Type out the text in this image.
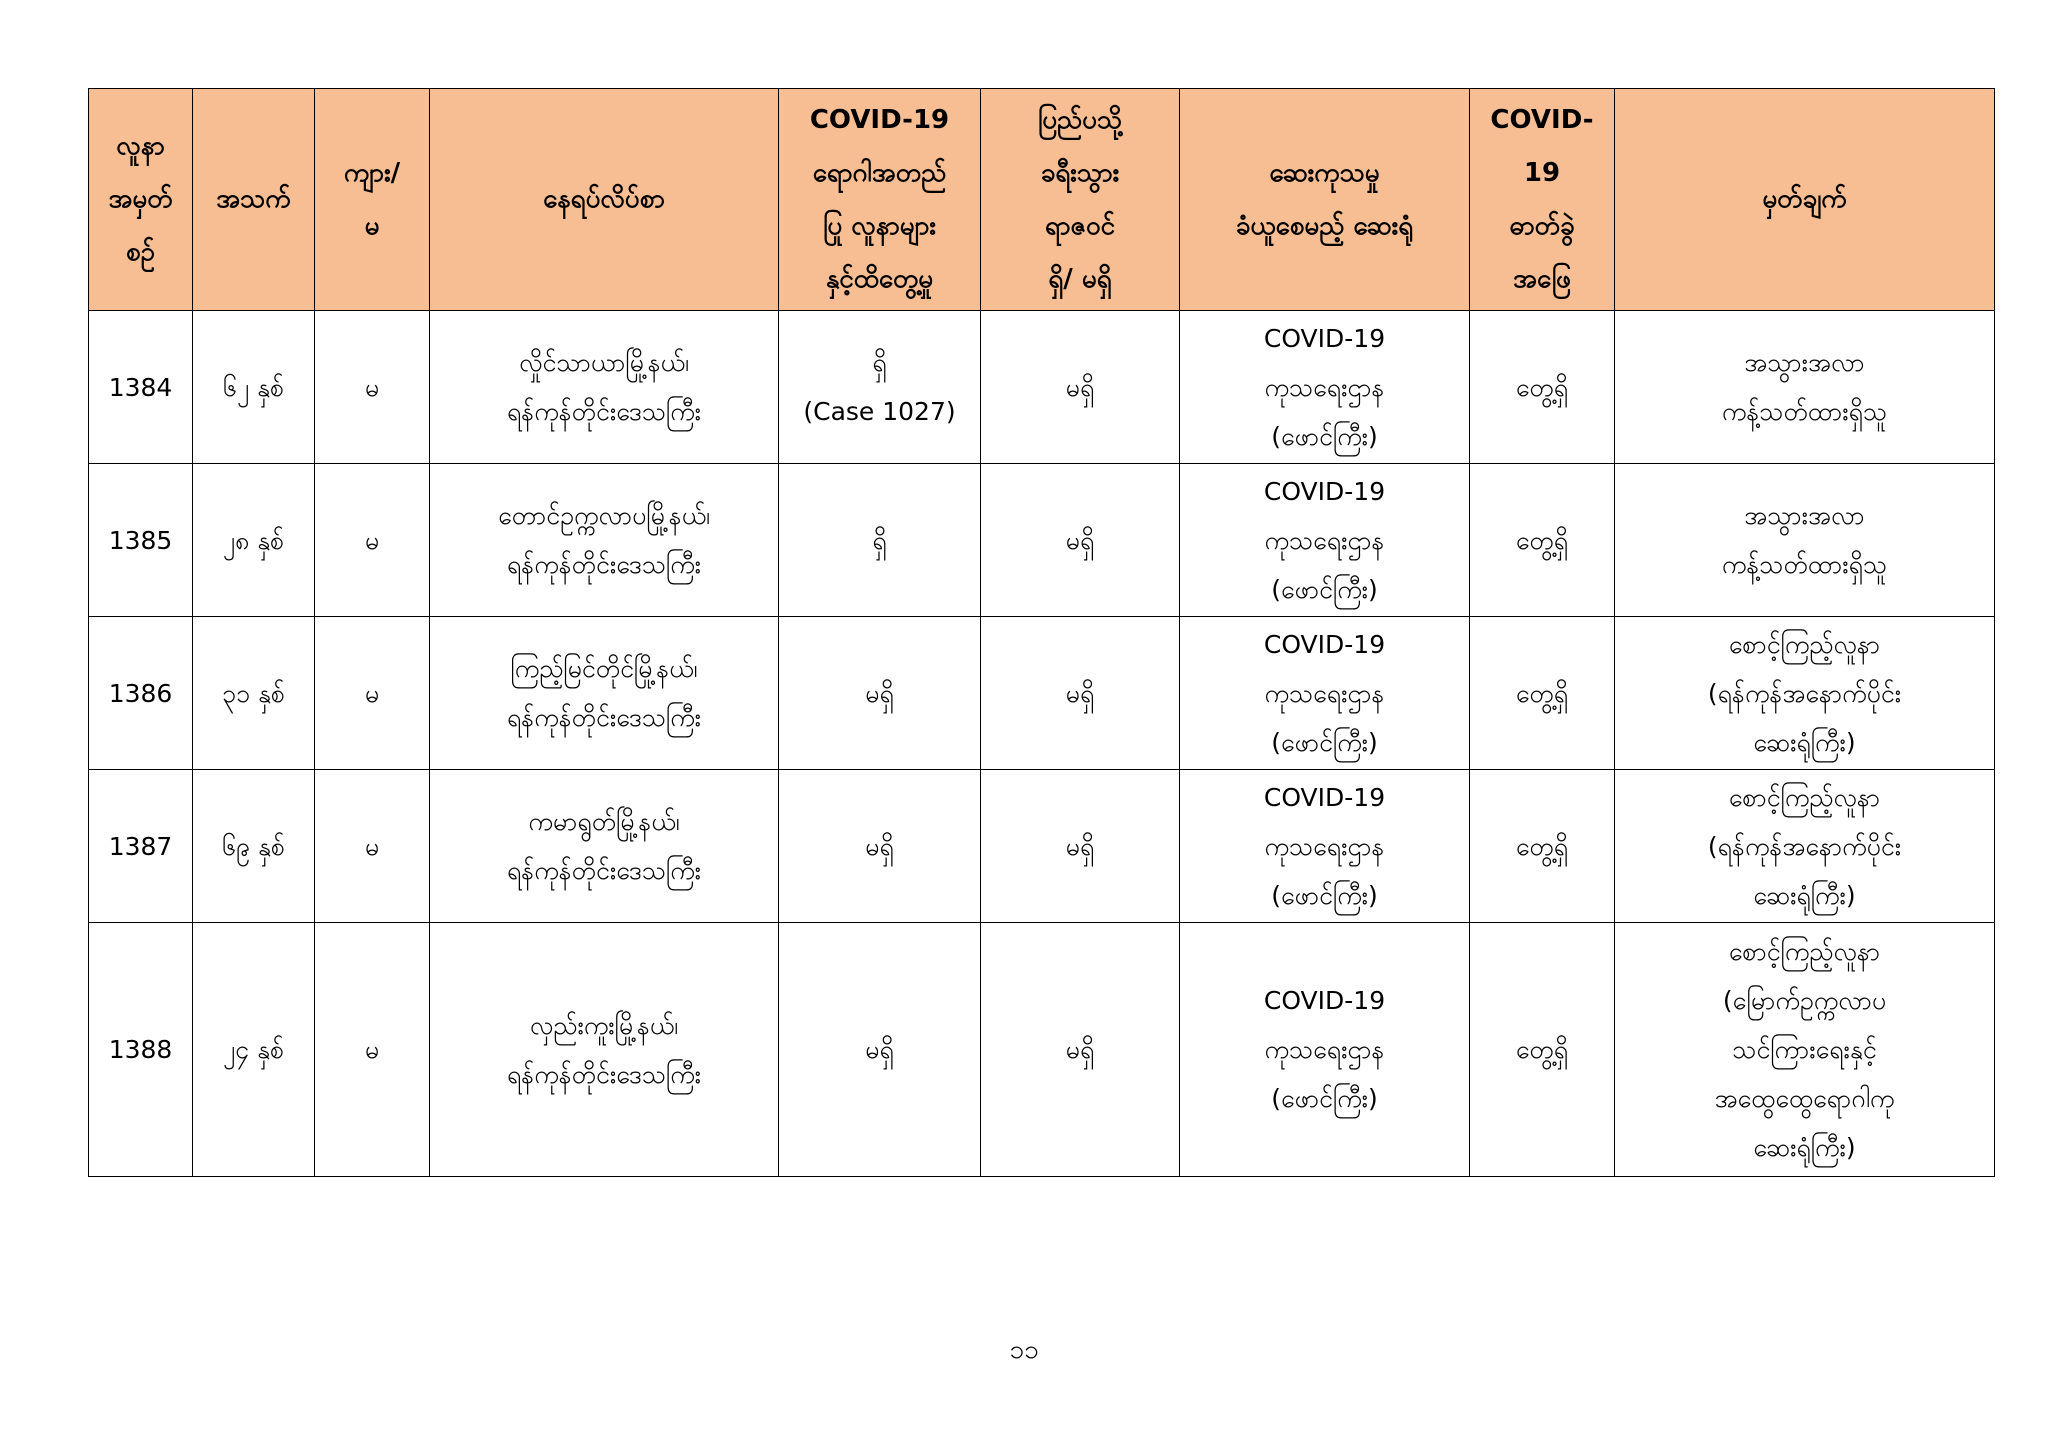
လူနာ
အမှတ်
စဉ်	အသက်	ကျား/
မ	နေရပ်လိပ်စာ	COVID-19
ရောဂါအတည်
ပြု လူနာများ
နှင့်ထိတွေ့မှု	ပြည်ပသို့
ခရီးသွား
ရာဇဝင်
ရှိ/ မရှိ	ဆေးကုသမှု
ခံယူစေမည့် ဆေးရုံ	COVID-
19
ဓာတ်ခွဲ
အဖြေ	မှတ်ချက်

1384	၆၂ နှစ်	မ	လှိုင်သာယာမြို့နယ်၊
ရန်ကုန်တိုင်းဒေသကြီး	ရှိ
(Case 1027)	မရှိ	COVID-19
ကုသရေးဌာန
(ဖောင်ကြီး)	တွေ့ရှိ	အသွားအလာ
ကန့်သတ်ထားရှိသူ

1385	၂၈ နှစ်	မ	တောင်ဥက္ကလာပမြို့နယ်၊
ရန်ကုန်တိုင်းဒေသကြီး	ရှိ	မရှိ	COVID-19
ကုသရေးဌာန
(ဖောင်ကြီး)	တွေ့ရှိ	အသွားအလာ
ကန့်သတ်ထားရှိသူ

1386	၃၁ နှစ်	မ	ကြည့်မြင်တိုင်မြို့နယ်၊
ရန်ကုန်တိုင်းဒေသကြီး	မရှိ	မရှိ	COVID-19
ကုသရေးဌာန
(ဖောင်ကြီး)	တွေ့ရှိ	စောင့်ကြည့်လူနာ
(ရန်ကုန်အနောက်ပိုင်း
ဆေးရုံကြီး)

1387	၆၉ နှစ်	မ	ကမာရွတ်မြို့နယ်၊
ရန်ကုန်တိုင်းဒေသကြီး	မရှိ	မရှိ	COVID-19
ကုသရေးဌာန
(ဖောင်ကြီး)	တွေ့ရှိ	စောင့်ကြည့်လူနာ
(ရန်ကုန်အနောက်ပိုင်း
ဆေးရုံကြီး)

1388	၂၄ နှစ်	မ	လှည်းကူးမြို့နယ်၊
ရန်ကုန်တိုင်းဒေသကြီး	မရှိ	မရှိ	COVID-19
ကုသရေးဌာန
(ဖောင်ကြီး)	တွေ့ရှိ	စောင့်ကြည့်လူနာ
(မြောက်ဥက္ကလာပ
သင်ကြားရေးနှင့်
အထွေထွေရောဂါကု
ဆေးရုံကြီး)
၁၁
